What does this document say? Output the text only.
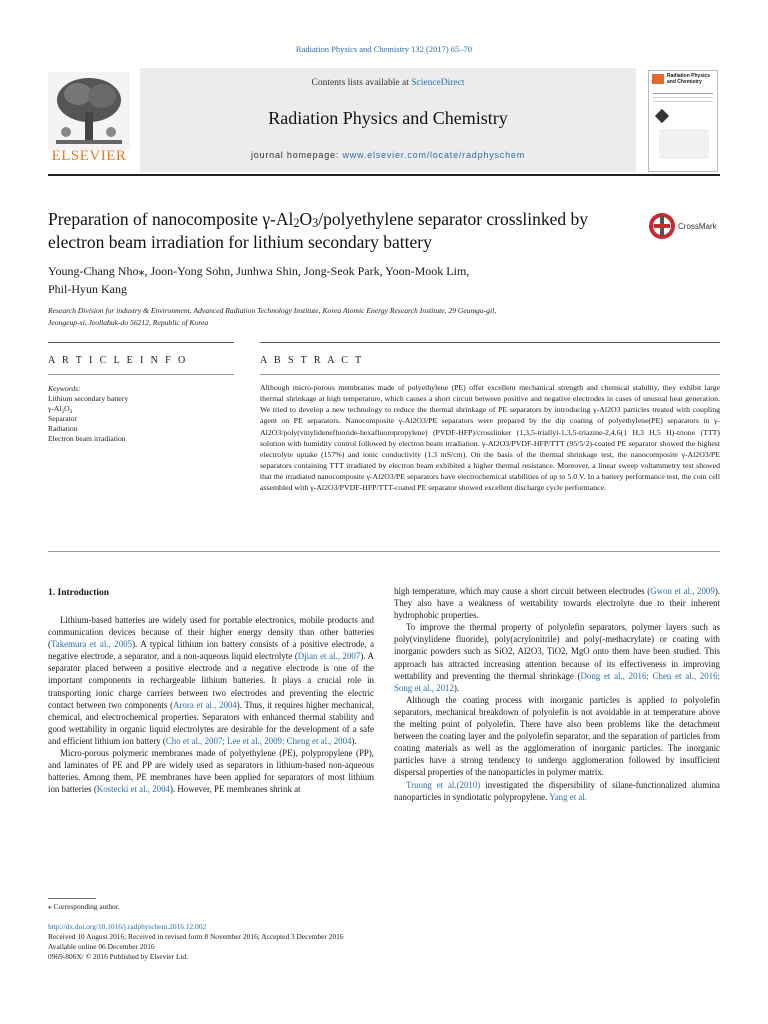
Radiation Physics and Chemistry 132 (2017) 65–70
ELSEVIER
Contents lists available at ScienceDirect
Radiation Physics and Chemistry
journal homepage: www.elsevier.com/locate/radphyschem
Radiation Physics and Chemistry
Preparation of nanocomposite $\gamma-Al_2O_3$/polyethylene separator crosslinked by electron beam irradiation for lithium secondary battery
CrossMark
Young-Chang Nho⁎, Joon-Yong Sohn, Junhwa Shin, Jong-Seok Park, Yoon-Mook Lim,
Phil-Hyun Kang
Research Division for industry & Environment, Advanced Radiation Technology Institute, Korea Atomic Energy Research Institute, 29 Geumgu-gil,
Jeongeup-si, Jeollabuk-do 56212, Republic of Korea
A R T I C L E I N F O	A B S T R A C T
Keywords:
Lithium secondary battery
$\gamma-Al_2O_3$
Separator
Radiation
Electron beam irradiation
Although micro-porous membranes made of polyethylene (PE) offer excellent mechanical strength and chemical stability, they exhibit large thermal shrinkage at high temperature, which causes a short circuit between positive and negative electrodes in cases of unusual heat generation. We tried to develop a new technology to reduce the thermal shrinkage of PE separators by introducing γ-Al2O3 particles treated with coupling agent on PE separators. Nanocomposite γ-Al2O3/PE separators were prepared by the dip coating of polyethylene(PE) separators in γ-Al2O3/poly(vinylidenefluoride-hexafluoropropylene) (PVDF-HFP)/crosslinker (1,3,5-triallyl-1,3,5-triazine-2,4,6(1 H,3 H,5 H)-trione (TTT) solution with humidity control followed by electron beam irradiation. γ-Al2O3/PVDF-HFP/TTT (95/5/2)-coated PE separator showed the highest electrolyte uptake (157%) and ionic conductivity (1.3 mS/cm). On the basis of the thermal shrinkage test, the nanocomposite γ-Al2O3/PE separators containing TTT irradiated by electron beam exhibited a higher thermal resistance. Moreover, a linear sweep voltammetry test showed that the irradiated nanocomposite γ-Al2O3/PE separators have electrochemical stabilities of up to 5.0 V. In a battery performance test, the coin cell assembled with γ-Al2O3/PVDF-HFP/TTT-coated PE separator showed excellent discharge cycle performance.
1. Introduction

Lithium-based batteries are widely used for portable electronics, mobile products and communication devices because of their higher energy density than other batteries (Takemura et al., 2005). A typical lithium ion battery consists of a positive electrode, a negative electrode, a separator, and a non-aqueous liquid electrolyte (Djian et al., 2007). A separator placed between a positive electrode and a negative electrode is one of the important components in rechargeable lithium batteries. It plays a crucial role in transporting ionic charge carriers between two electrodes and preventing the electric contact between two components (Arora et al., 2004). Thus, it requires higher mechanical, chemical, and electrochemical properties. Separators with enhanced thermal stability and good wettability in organic liquid electrolytes are desirable for the development of a safe and efficient lithium ion battery (Cho et al., 2007; Lee et al., 2009; Cheng et al., 2004).

Micro-porous polymeric membranes made of polyethylene (PE), polypropylene (PP), and laminates of PE and PP are widely used as separators in lithium-based non-aqueous batteries. Among them, PE membranes have been applied for separators of most lithium ion batteries (Kostecki et al., 2004). However, PE membranes shrink at

high temperature, which may cause a short circuit between electrodes (Gwon et al., 2009). They also have a weakness of wettability towards electrolyte due to their inherent hydrophobic properties.

To improve the thermal property of polyolefin separators, polymer layers such as poly(vinylidene fluoride), poly(acrylonitrile) and poly(-methacrylate) or coating with inorganic powders such as SiO2, Al2O3, TiO2, MgO onto them have been studied. This approach has attracted increasing attention because of its effectiveness in improving wettability and preventing the thermal shrinkage (Dong et al., 2016; Chen et al., 2016; Song et al., 2012).

Although the coating process with inorganic particles is applied to polyolefin separators, mechanical breakdown of polyolefin is not avoidable in at temperature above the melting point of polyolefin. There have also been problems like the detachment between the coating layer and the polyolefin separator, and the separation of particles from coating materials as well as the agglomeration of inorganic particles. The inorganic particles have a strong tendency to undergo agglomeration followed by insufficient dispersal properties of the nanoparticles in polymer matrix.

Truong et al.(2010) investigated the dispersibility of silane-functionalized alumina nanoparticles in syndiotatic polypropylene. Yang et al.

⁎ Corresponding author.
http://dx.doi.org/10.1016/j.radphyschem.2016.12.002
Received 10 August 2016; Received in revised form 8 November 2016; Accepted 3 December 2016
Available online 06 December 2016
0969-806X/ © 2016 Published by Elsevier Ltd.
